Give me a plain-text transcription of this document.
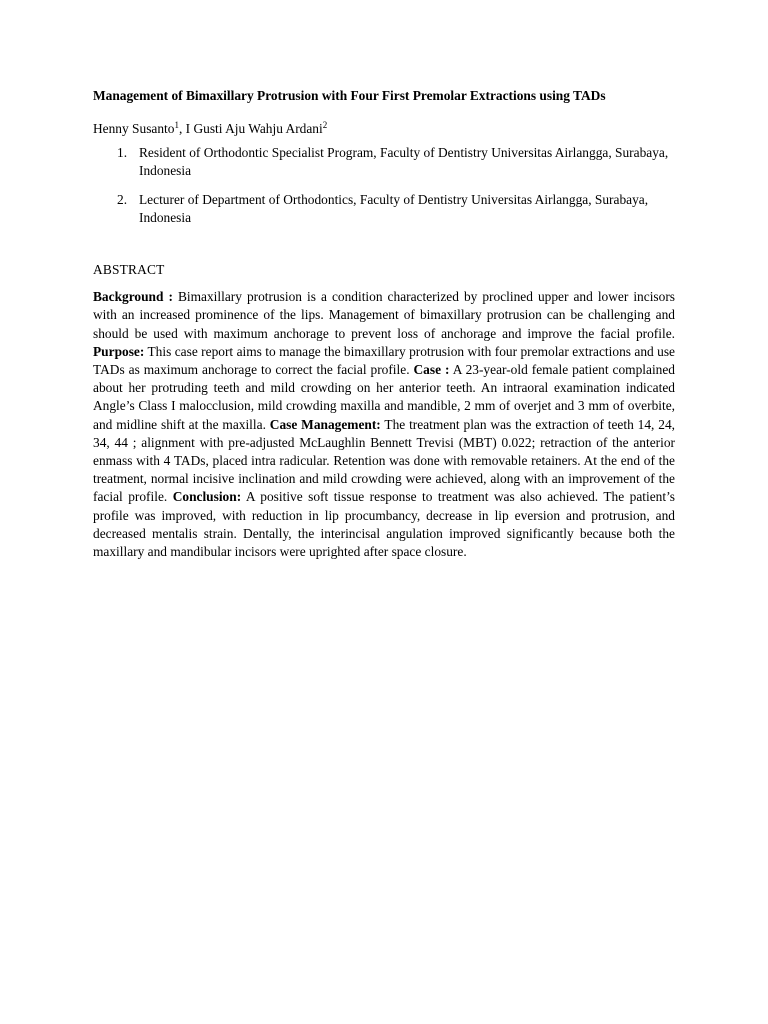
Management of Bimaxillary Protrusion with Four First Premolar Extractions using TADs
Henny Susanto$^1$, I Gusti Aju Wahju Ardani$^2$
1. Resident of Orthodontic Specialist Program, Faculty of Dentistry Universitas Airlangga, Surabaya, Indonesia
2. Lecturer of Department of Orthodontics, Faculty of Dentistry Universitas Airlangga, Surabaya, Indonesia
ABSTRACT

Background : Bimaxillary protrusion is a condition characterized by proclined upper and lower incisors with an increased prominence of the lips. Management of bimaxillary protrusion can be challenging and should be used with maximum anchorage to prevent loss of anchorage and improve the facial profile. Purpose: This case report aims to manage the bimaxillary protrusion with four premolar extractions and use TADs as maximum anchorage to correct the facial profile. Case : A 23-year-old female patient complained about her protruding teeth and mild crowding on her anterior teeth. An intraoral examination indicated Angle’s Class I malocclusion, mild crowding maxilla and mandible, 2 mm of overjet and 3 mm of overbite, and midline shift at the maxilla. Case Management: The treatment plan was the extraction of teeth 14, 24, 34, 44 ; alignment with pre-adjusted McLaughlin Bennett Trevisi (MBT) 0.022; retraction of the anterior enmass with 4 TADs, placed intra radicular. Retention was done with removable retainers. At the end of the treatment, normal incisive inclination and mild crowding were achieved, along with an improvement of the facial profile. Conclusion: A positive soft tissue response to treatment was also achieved. The patient’s profile was improved, with reduction in lip procumbancy, decrease in lip eversion and protrusion, and decreased mentalis strain. Dentally, the interincisal angulation improved significantly because both the maxillary and mandibular incisors were uprighted after space closure.
